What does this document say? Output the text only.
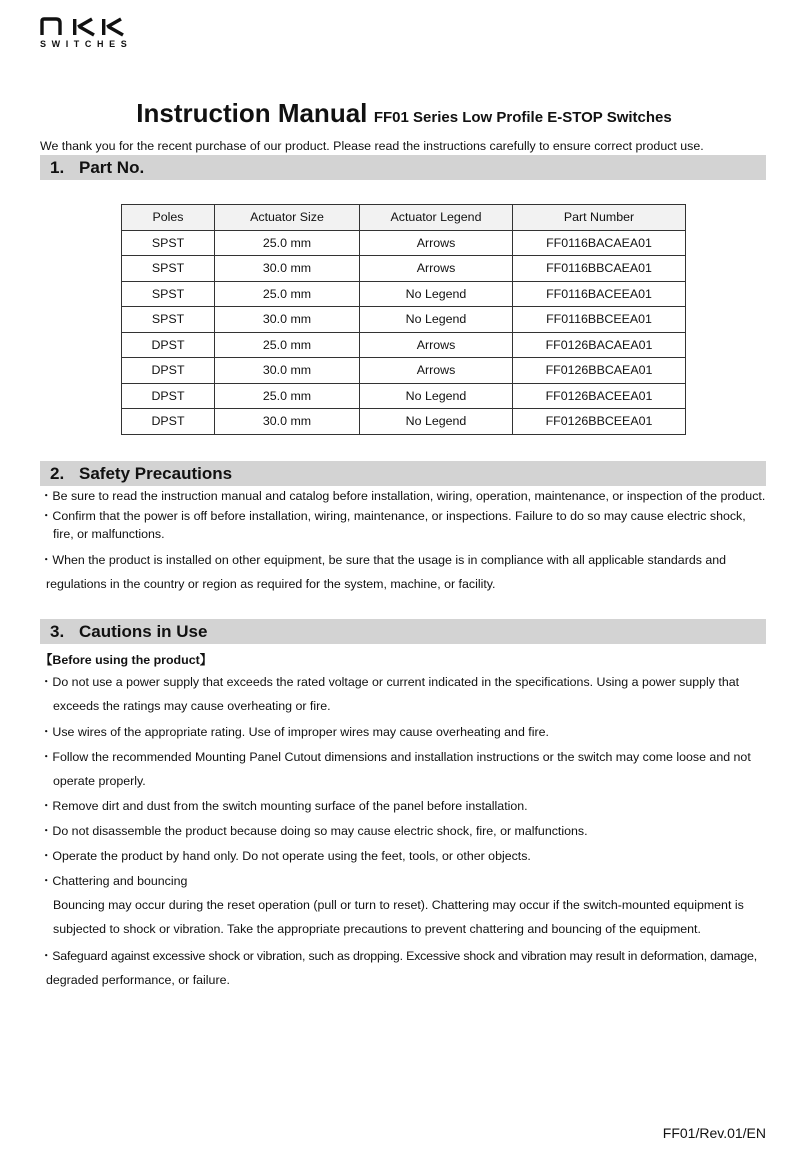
SWITCHES
Instruction Manual FF01 Series Low Profile E-STOP Switches
We thank you for the recent purchase of our product. Please read the instructions carefully to ensure correct product use.
1. Part No.
Poles	Actuator Size	Actuator Legend	Part Number
SPST	25.0 mm	Arrows	FF0116BACAEA01
SPST	30.0 mm	Arrows	FF0116BBCAEA01
SPST	25.0 mm	No Legend	FF0116BACEEA01
SPST	30.0 mm	No Legend	FF0116BBCEEA01
DPST	25.0 mm	Arrows	FF0126BACAEA01
DPST	30.0 mm	Arrows	FF0126BBCAEA01
DPST	25.0 mm	No Legend	FF0126BACEEA01
DPST	30.0 mm	No Legend	FF0126BBCEEA01
2. Safety Precautions
・Be sure to read the instruction manual and catalog before installation, wiring, operation, maintenance, or inspection of the product.
・Confirm that the power is off before installation, wiring, maintenance, or inspections. Failure to do so may cause electric shock,
fire, or malfunctions.
・When the product is installed on other equipment, be sure that the usage is in compliance with all applicable standards and
regulations in the country or region as required for the system, machine, or facility.
3. Cautions in Use
【Before using the product】
・Do not use a power supply that exceeds the rated voltage or current indicated in the specifications. Using a power supply that
exceeds the ratings may cause overheating or fire.
・Use wires of the appropriate rating. Use of improper wires may cause overheating and fire.
・Follow the recommended Mounting Panel Cutout dimensions and installation instructions or the switch may come loose and not
operate properly.
・Remove dirt and dust from the switch mounting surface of the panel before installation.
・Do not disassemble the product because doing so may cause electric shock, fire, or malfunctions.
・Operate the product by hand only. Do not operate using the feet, tools, or other objects.
・Chattering and bouncing
Bouncing may occur during the reset operation (pull or turn to reset). Chattering may occur if the switch-mounted equipment is
subjected to shock or vibration. Take the appropriate precautions to prevent chattering and bouncing of the equipment.
・Safeguard against excessive shock or vibration, such as dropping. Excessive shock and vibration may result in deformation, damage,
degraded performance, or failure.
FF01/Rev.01/EN
